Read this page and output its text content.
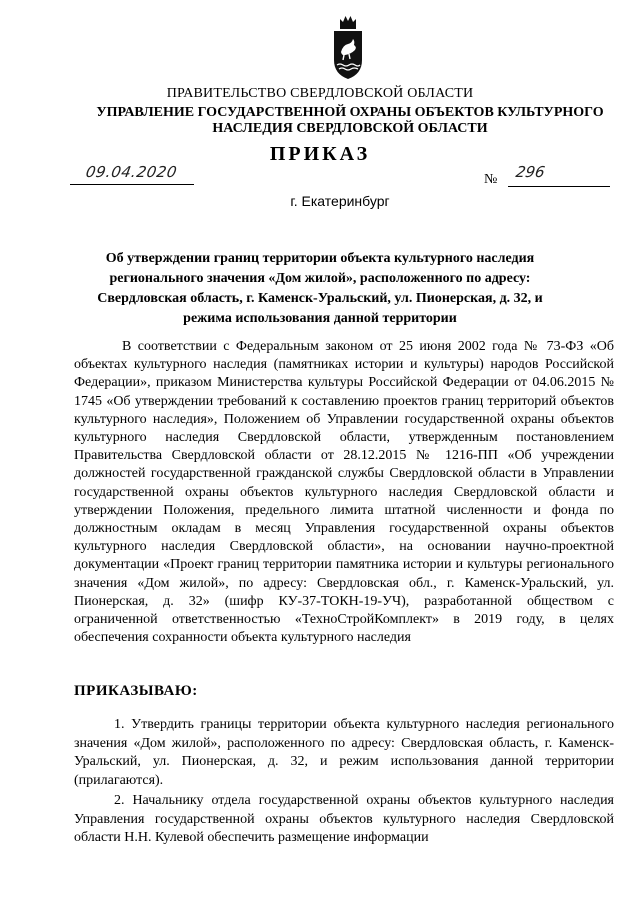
ПРАВИТЕЛЬСТВО СВЕРДЛОВСКОЙ ОБЛАСТИ
УПРАВЛЕНИЕ ГОСУДАРСТВЕННОЙ ОХРАНЫ ОБЪЕКТОВ КУЛЬТУРНОГО НАСЛЕДИЯ СВЕРДЛОВСКОЙ ОБЛАСТИ
ПРИКАЗ
09.04.2020	№ 296
г. Екатеринбург
Об утверждении границ территории объекта культурного наследия регионального значения «Дом жилой», расположенного по адресу: Свердловская область, г. Каменск-Уральский, ул. Пионерская, д. 32, и режима использования данной территории
В соответствии с Федеральным законом от 25 июня 2002 года № 73-ФЗ «Об объектах культурного наследия (памятниках истории и культуры) народов Российской Федерации», приказом Министерства культуры Российской Федерации от 04.06.2015 № 1745 «Об утверждении требований к составлению проектов границ территорий объектов культурного наследия», Положением об Управлении государственной охраны объектов культурного наследия Свердловской области, утвержденным постановлением Правительства Свердловской области от 28.12.2015 № 1216-ПП «Об учреждении должностей государственной гражданской службы Свердловской области в Управлении государственной охраны объектов культурного наследия Свердловской области и утверждении Положения, предельного лимита штатной численности и фонда по должностным окладам в месяц Управления государственной охраны объектов культурного наследия Свердловской области», на основании научно-проектной документации «Проект границ территории памятника истории и культуры регионального значения «Дом жилой», по адресу: Свердловская обл., г. Каменск-Уральский, ул. Пионерская, д. 32» (шифр КУ-37-ТОКН-19-УЧ), разработанной обществом с ограниченной ответственностью «ТехноСтройКомплект» в 2019 году, в целях обеспечения сохранности объекта культурного наследия
ПРИКАЗЫВАЮ:
1. Утвердить границы территории объекта культурного наследия регионального значения «Дом жилой», расположенного по адресу: Свердловская область, г. Каменск-Уральский, ул. Пионерская, д. 32, и режим использования данной территории (прилагаются).
2. Начальнику отдела государственной охраны объектов культурного наследия Управления государственной охраны объектов культурного наследия Свердловской области Н.Н. Кулевой обеспечить размещение информации
